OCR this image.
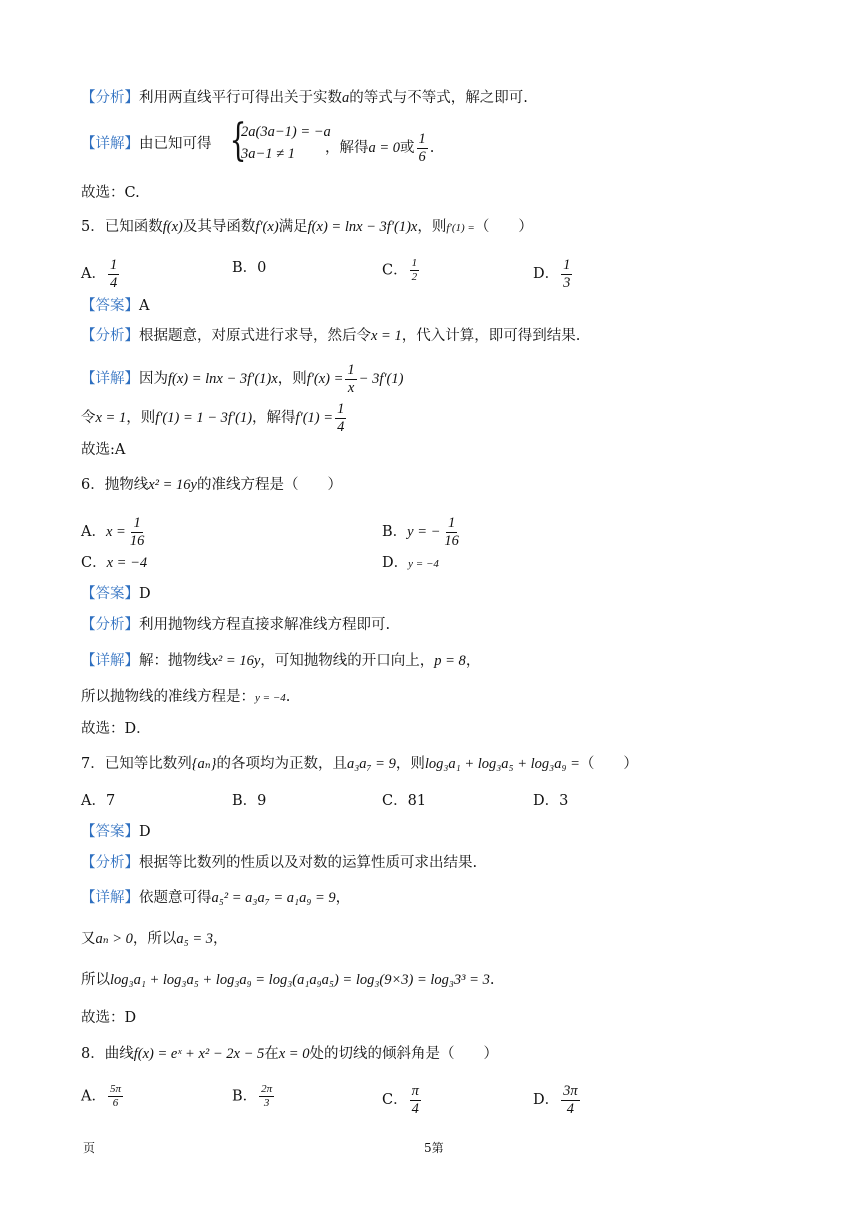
【分析】利用两直线平行可得出关于实数a的等式与不等式，解之即可.
【详解】由已知可得 {
2a(3a−1) = −a
3a−1 ≠ 1 ，解得a = 0或 $\frac{1}{6}$ .
故选：C.
5．已知函数f(x)及其导函数f′(x)满足f(x) = lnx − 3f′(1)x，则f′(1) =（　　）
A． $\frac{1}{4}$	B．0	C． $\frac{1}{2}$	D． $\frac{1}{3}$
【答案】A
【分析】根据题意，对原式进行求导，然后令x = 1，代入计算，即可得到结果.
【详解】因为f(x) = lnx − 3f′(1)x，则$f'(x) = \frac{1}{x} - 3f'(1)$
令x = 1，则f′(1) = 1 − 3f′(1)，解得$f'(1) = \frac{1}{4}$
故选:A
6．抛物线x² = 16y的准线方程是（　　）
A．$x = \frac{1}{16}$	B．y = − $\frac{1}{16}$
C．x = −4	D．y = −4
【答案】D
【分析】利用抛物线方程直接求解准线方程即可.
【详解】解：抛物线x² = 16y，可知抛物线的开口向上，p = 8，
所以抛物线的准线方程是：y = −4.
故选：D．
7．已知等比数列{aₙ}的各项均为正数，且a₃a₇ = 9，则log₃a₁ + log₃a₅ + log₃a₉ =（　　）
A．7	B．9	C．81	D．3
【答案】D
【分析】根据等比数列的性质以及对数的运算性质可求出结果.
【详解】依题意可得a₅² = a₃a₇ = a₁a₉ = 9，
又aₙ > 0，所以a₅ = 3，
所以log₃a₁ + log₃a₅ + log₃a₉ = log₃(a₁a₉a₅) = log₃(9×3) = log₃3³ = 3.
故选：D
8．曲线f(x) = eˣ + x² − 2x − 5在x = 0处的切线的倾斜角是（　　）
A． $\frac{5\pi}{6}$	B． $\frac{2\pi}{3}$	C． $\frac{\pi}{4}$	D． $\frac{3\pi}{4}$
页	5第
